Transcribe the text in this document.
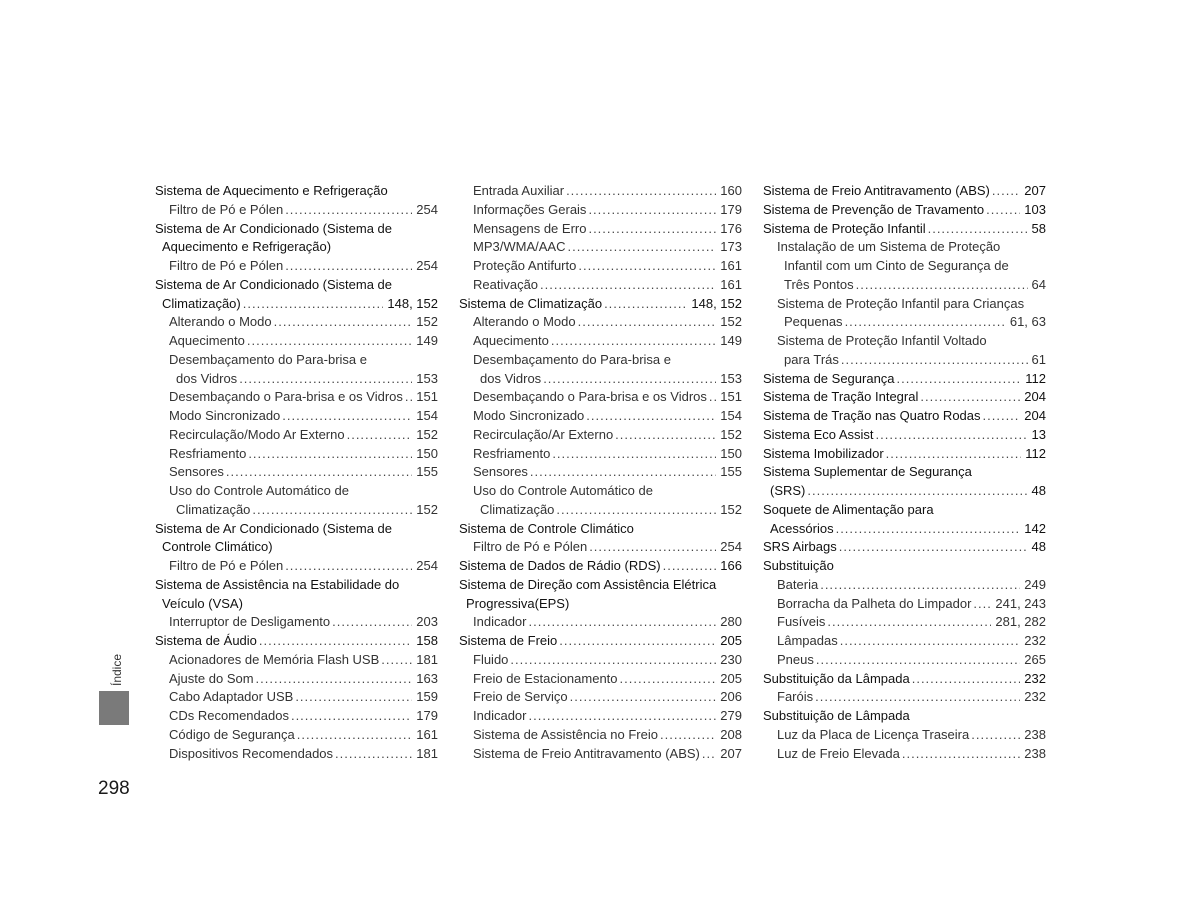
Sistema de Aquecimento e Refrigeração
Filtro de Pó e Pólen .....	254
Sistema de Ar Condicionado (Sistema de
Aquecimento e Refrigeração)
Filtro de Pó e Pólen .....	254
Sistema de Ar Condicionado (Sistema de
Climatização) .....	148, 152
Alterando o Modo .....	152
Aquecimento .....	149
Desembaçamento do Para-brisa e
dos Vidros .....	153
Desembaçando o Para-brisa e os Vidros ..... 151
Modo Sincronizado .....	154
Recirculação/Modo Ar Externo .....	152
Resfriamento .....	150
Sensores .....	155
Uso do Controle Automático de
Climatização .....	152
Sistema de Ar Condicionado (Sistema de
Controle Climático)
Filtro de Pó e Pólen .....	254
Sistema de Assistência na Estabilidade do
Veículo (VSA)
Interruptor de Desligamento .....	203
Sistema de Áudio .....	158
Acionadores de Memória Flash USB .....	181
Ajuste do Som .....	163
Cabo Adaptador USB .....	159
CDs Recomendados .....	179
Código de Segurança .....	161
Dispositivos Recomendados .....	181
Entrada Auxiliar .....	160
Informações Gerais .....	179
Mensagens de Erro .....	176
MP3/WMA/AAC .....	173
Proteção Antifurto .....	161
Reativação .....	161
Sistema de Climatização .....	148, 152
Alterando o Modo .....	152
Aquecimento .....	149
Desembaçamento do Para-brisa e
dos Vidros .....	153
Desembaçando o Para-brisa e os Vidros ..... 151
Modo Sincronizado .....	154
Recirculação/Ar Externo .....	152
Resfriamento .....	150
Sensores .....	155
Uso do Controle Automático de
Climatização .....	152
Sistema de Controle Climático
Filtro de Pó e Pólen .....	254
Sistema de Dados de Rádio (RDS) .....	166
Sistema de Direção com Assistência Elétrica
Progressiva(EPS)
Indicador .....	280
Sistema de Freio .....	205
Fluido .....	230
Freio de Estacionamento .....	205
Freio de Serviço .....	206
Indicador .....	279
Sistema de Assistência no Freio .....	208
Sistema de Freio Antitravamento (ABS) ..... 207
Sistema de Freio Antitravamento (ABS) .....	207
Sistema de Prevenção de Travamento .....	103
Sistema de Proteção Infantil .....	58
Instalação de um Sistema de Proteção
Infantil com um Cinto de Segurança de
Três Pontos .....	64
Sistema de Proteção Infantil para Crianças
Pequenas .....	61, 63
Sistema de Proteção Infantil Voltado
para Trás .....	61
Sistema de Segurança .....	112
Sistema de Tração Integral .....	204
Sistema de Tração nas Quatro Rodas .....	204
Sistema Eco Assist .....	13
Sistema Imobilizador .....	112
Sistema Suplementar de Segurança
(SRS) .....	48
Soquete de Alimentação para
Acessórios .....	142
SRS Airbags .....	48
Substituição
Bateria .....	249
Borracha da Palheta do Limpador ..... 241, 243
Fusíveis .....	281, 282
Lâmpadas .....	232
Pneus .....	265
Substituição da Lâmpada .....	232
Faróis .....	232
Substituição de Lâmpada
Luz da Placa de Licença Traseira .....	238
Luz de Freio Elevada .....	238
Índice
298
